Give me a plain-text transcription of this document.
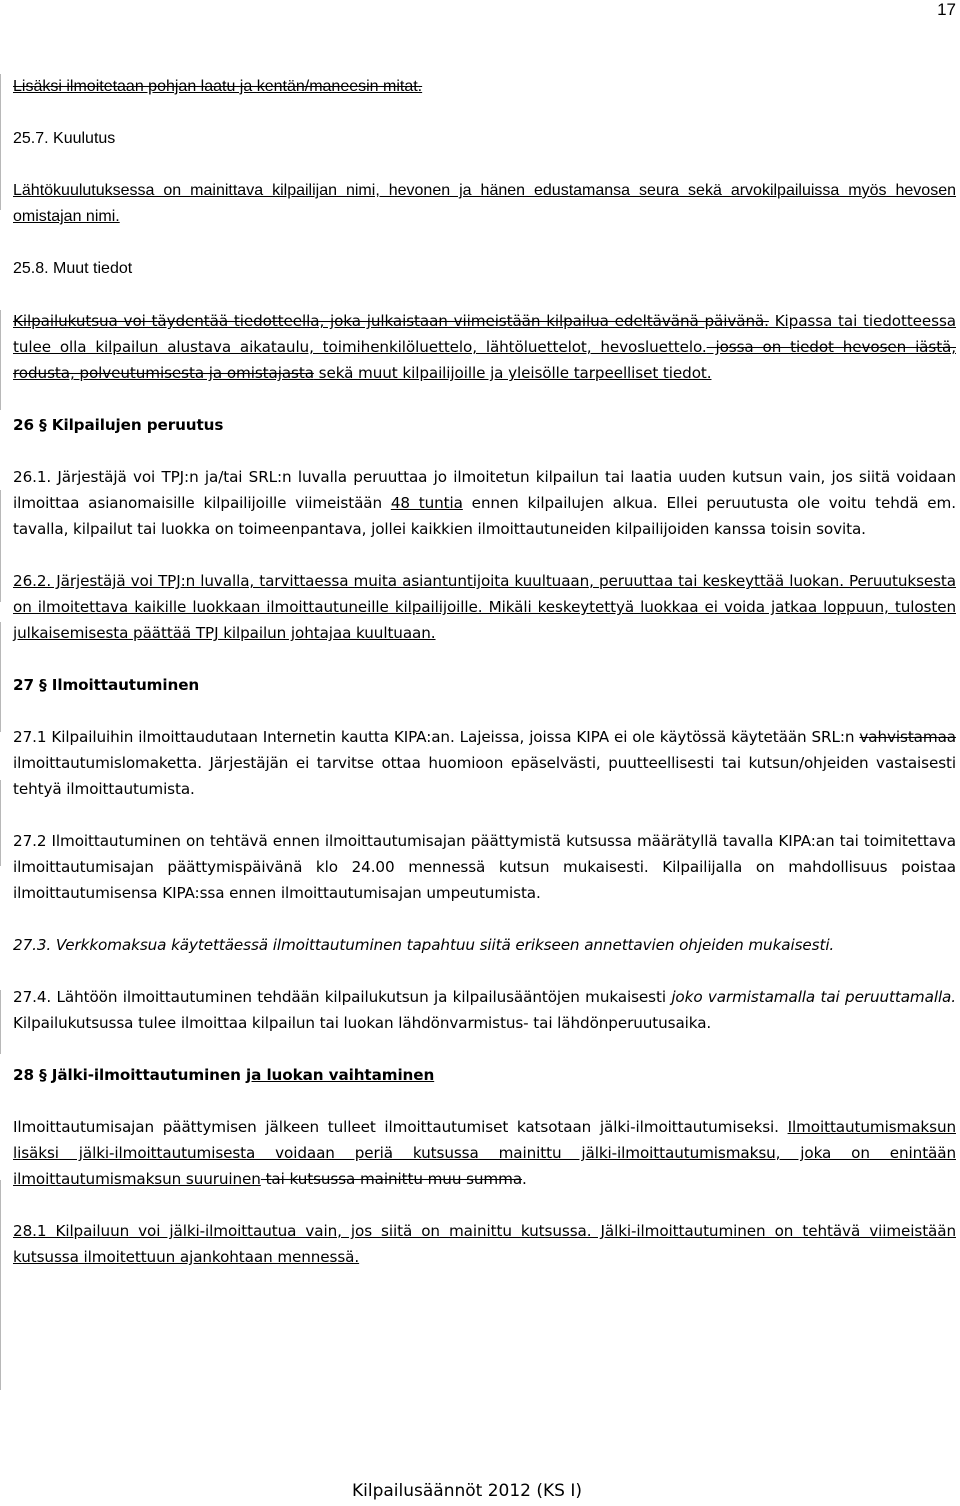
17

Lisäksi ilmoitetaan pohjan laatu ja kentän/maneesin mitat.

25.7. Kuulutus

Lähtökuulutuksessa on mainittava kilpailijan nimi, hevonen ja hänen edustamansa seura sekä arvokilpailuissa myös hevosen omistajan nimi.

25.8. Muut tiedot

Kilpailukutsua voi täydentää tiedotteella, joka julkaistaan viimeistään kilpailua edeltävänä päivänä. Kipassa tai tiedotteessa tulee olla kilpailun alustava aikataulu, toimihenkilöluettelo, lähtöluettelot, hevosluettelo. jossa on tiedot hevosen iästä, rodusta, polveutumisesta ja omistajasta sekä muut kilpailijoille ja yleisölle tarpeelliset tiedot.

26 § Kilpailujen peruutus

26.1. Järjestäjä voi TPJ:n ja/tai SRL:n luvalla peruuttaa jo ilmoitetun kilpailun tai laatia uuden kutsun vain, jos siitä voidaan ilmoittaa asianomaisille kilpailijoille viimeistään 48 tuntia ennen kilpailujen alkua. Ellei peruutusta ole voitu tehdä em. tavalla, kilpailut tai luokka on toimeenpantava, jollei kaikkien ilmoittautuneiden kilpailijoiden kanssa toisin sovita.

26.2. Järjestäjä voi TPJ:n luvalla, tarvittaessa muita asiantuntijoita kuultuaan, peruuttaa tai keskeyttää luokan. Peruutuksesta on ilmoitettava kaikille luokkaan ilmoittautuneille kilpailijoille. Mikäli keskeytettyä luokkaa ei voida jatkaa loppuun, tulosten julkaisemisesta päättää TPJ kilpailun johtajaa kuultuaan.

27 § Ilmoittautuminen

27.1 Kilpailuihin ilmoittaudutaan Internetin kautta KIPA:an. Lajeissa, joissa KIPA ei ole käytössä käytetään SRL:n vahvistamaa ilmoittautumislomaketta. Järjestäjän ei tarvitse ottaa huomioon epäselvästi, puutteellisesti tai kutsun/ohjeiden vastaisesti tehtyä ilmoittautumista.

27.2 Ilmoittautuminen on tehtävä ennen ilmoittautumisajan päättymistä kutsussa määrätyllä tavalla KIPA:an tai toimitettava ilmoittautumisajan päättymispäivänä klo 24.00 mennessä kutsun mukaisesti. Kilpailijalla on mahdollisuus poistaa ilmoittautumisensa KIPA:ssa ennen ilmoittautumisajan umpeutumista.

27.3. Verkkomaksua käytettäessä ilmoittautuminen tapahtuu siitä erikseen annettavien ohjeiden mukaisesti.

27.4. Lähtöön ilmoittautuminen tehdään kilpailukutsun ja kilpailusääntöjen mukaisesti joko varmistamalla tai peruuttamalla. Kilpailukutsussa tulee ilmoittaa kilpailun tai luokan lähdönvarmistus- tai lähdönperuutusaika.

28 § Jälki-ilmoittautuminen ja luokan vaihtaminen

Ilmoittautumisajan päättymisen jälkeen tulleet ilmoittautumiset katsotaan jälki-ilmoittautumiseksi. Ilmoittautumismaksun lisäksi jälki-ilmoittautumisesta voidaan periä kutsussa mainittu jälki-ilmoittautumismaksu, joka on enintään ilmoittautumismaksun suuruinen tai kutsussa mainittu muu summa.

28.1 Kilpailuun voi jälki-ilmoittautua vain, jos siitä on mainittu kutsussa. Jälki-ilmoittautuminen on tehtävä viimeistään kutsussa ilmoitettuun ajankohtaan mennessä.

Kilpailusäännöt 2012 (KS I)
